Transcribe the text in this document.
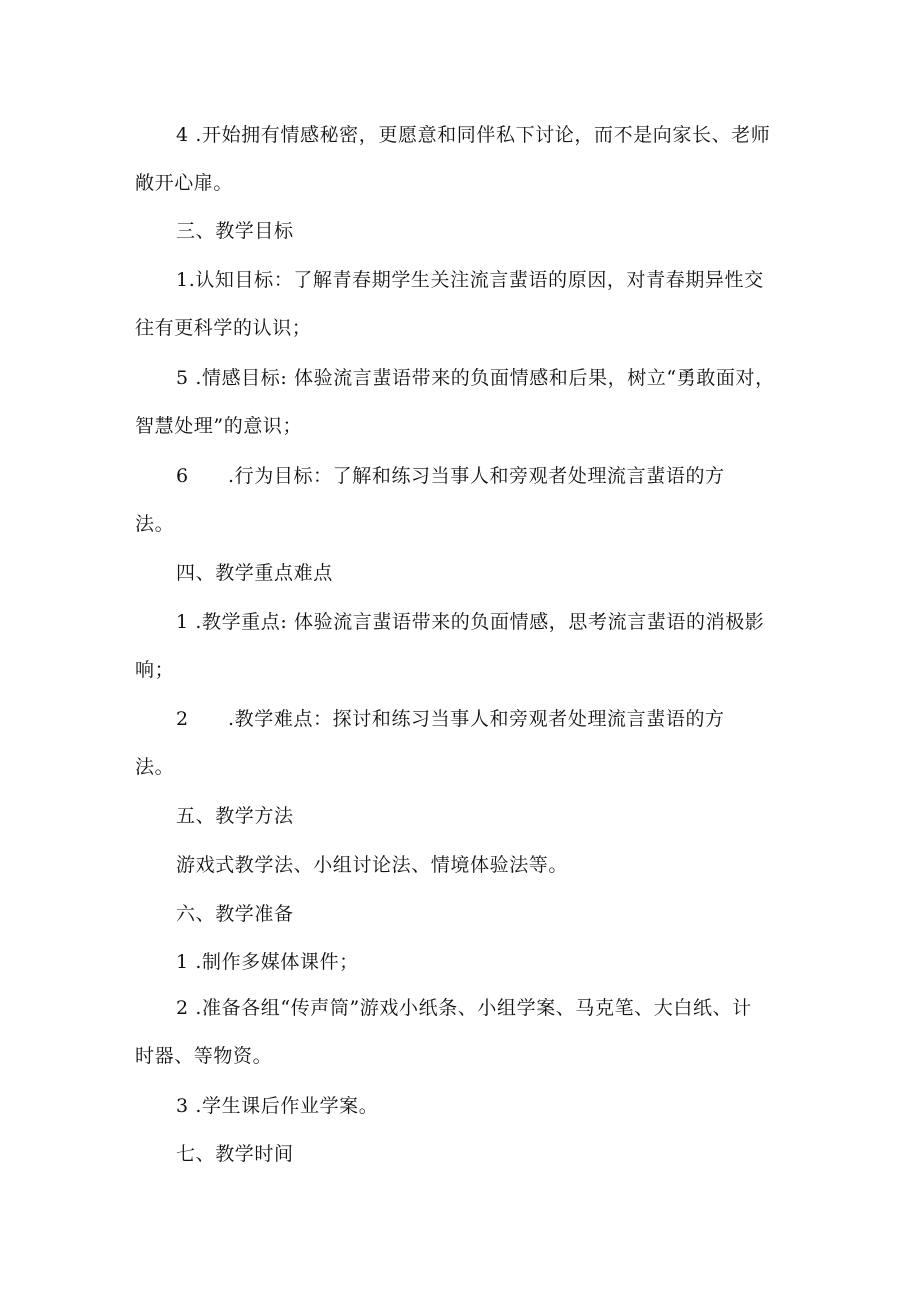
4 .开始拥有情感秘密，更愿意和同伴私下讨论，而不是向家长、老师
敞开心扉。
三、教学目标
1.认知目标：了解青春期学生关注流言蜚语的原因，对青春期异性交
往有更科学的认识；
5 .情感目标: 体验流言蜚语带来的负面情感和后果，树立“勇敢面对，
智慧处理”的意识；
6 .行为目标：了解和练习当事人和旁观者处理流言蜚语的方
法。
四、教学重点难点
1 .教学重点: 体验流言蜚语带来的负面情感，思考流言蜚语的消极影
响；
2 .教学难点：探讨和练习当事人和旁观者处理流言蜚语的方
法。
五、教学方法
游戏式教学法、小组讨论法、情境体验法等。
六、教学准备
1 .制作多媒体课件；
2 .准备各组“传声筒”游戏小纸条、小组学案、马克笔、大白纸、计
时器、等物资。
3 .学生课后作业学案。
七、教学时间
